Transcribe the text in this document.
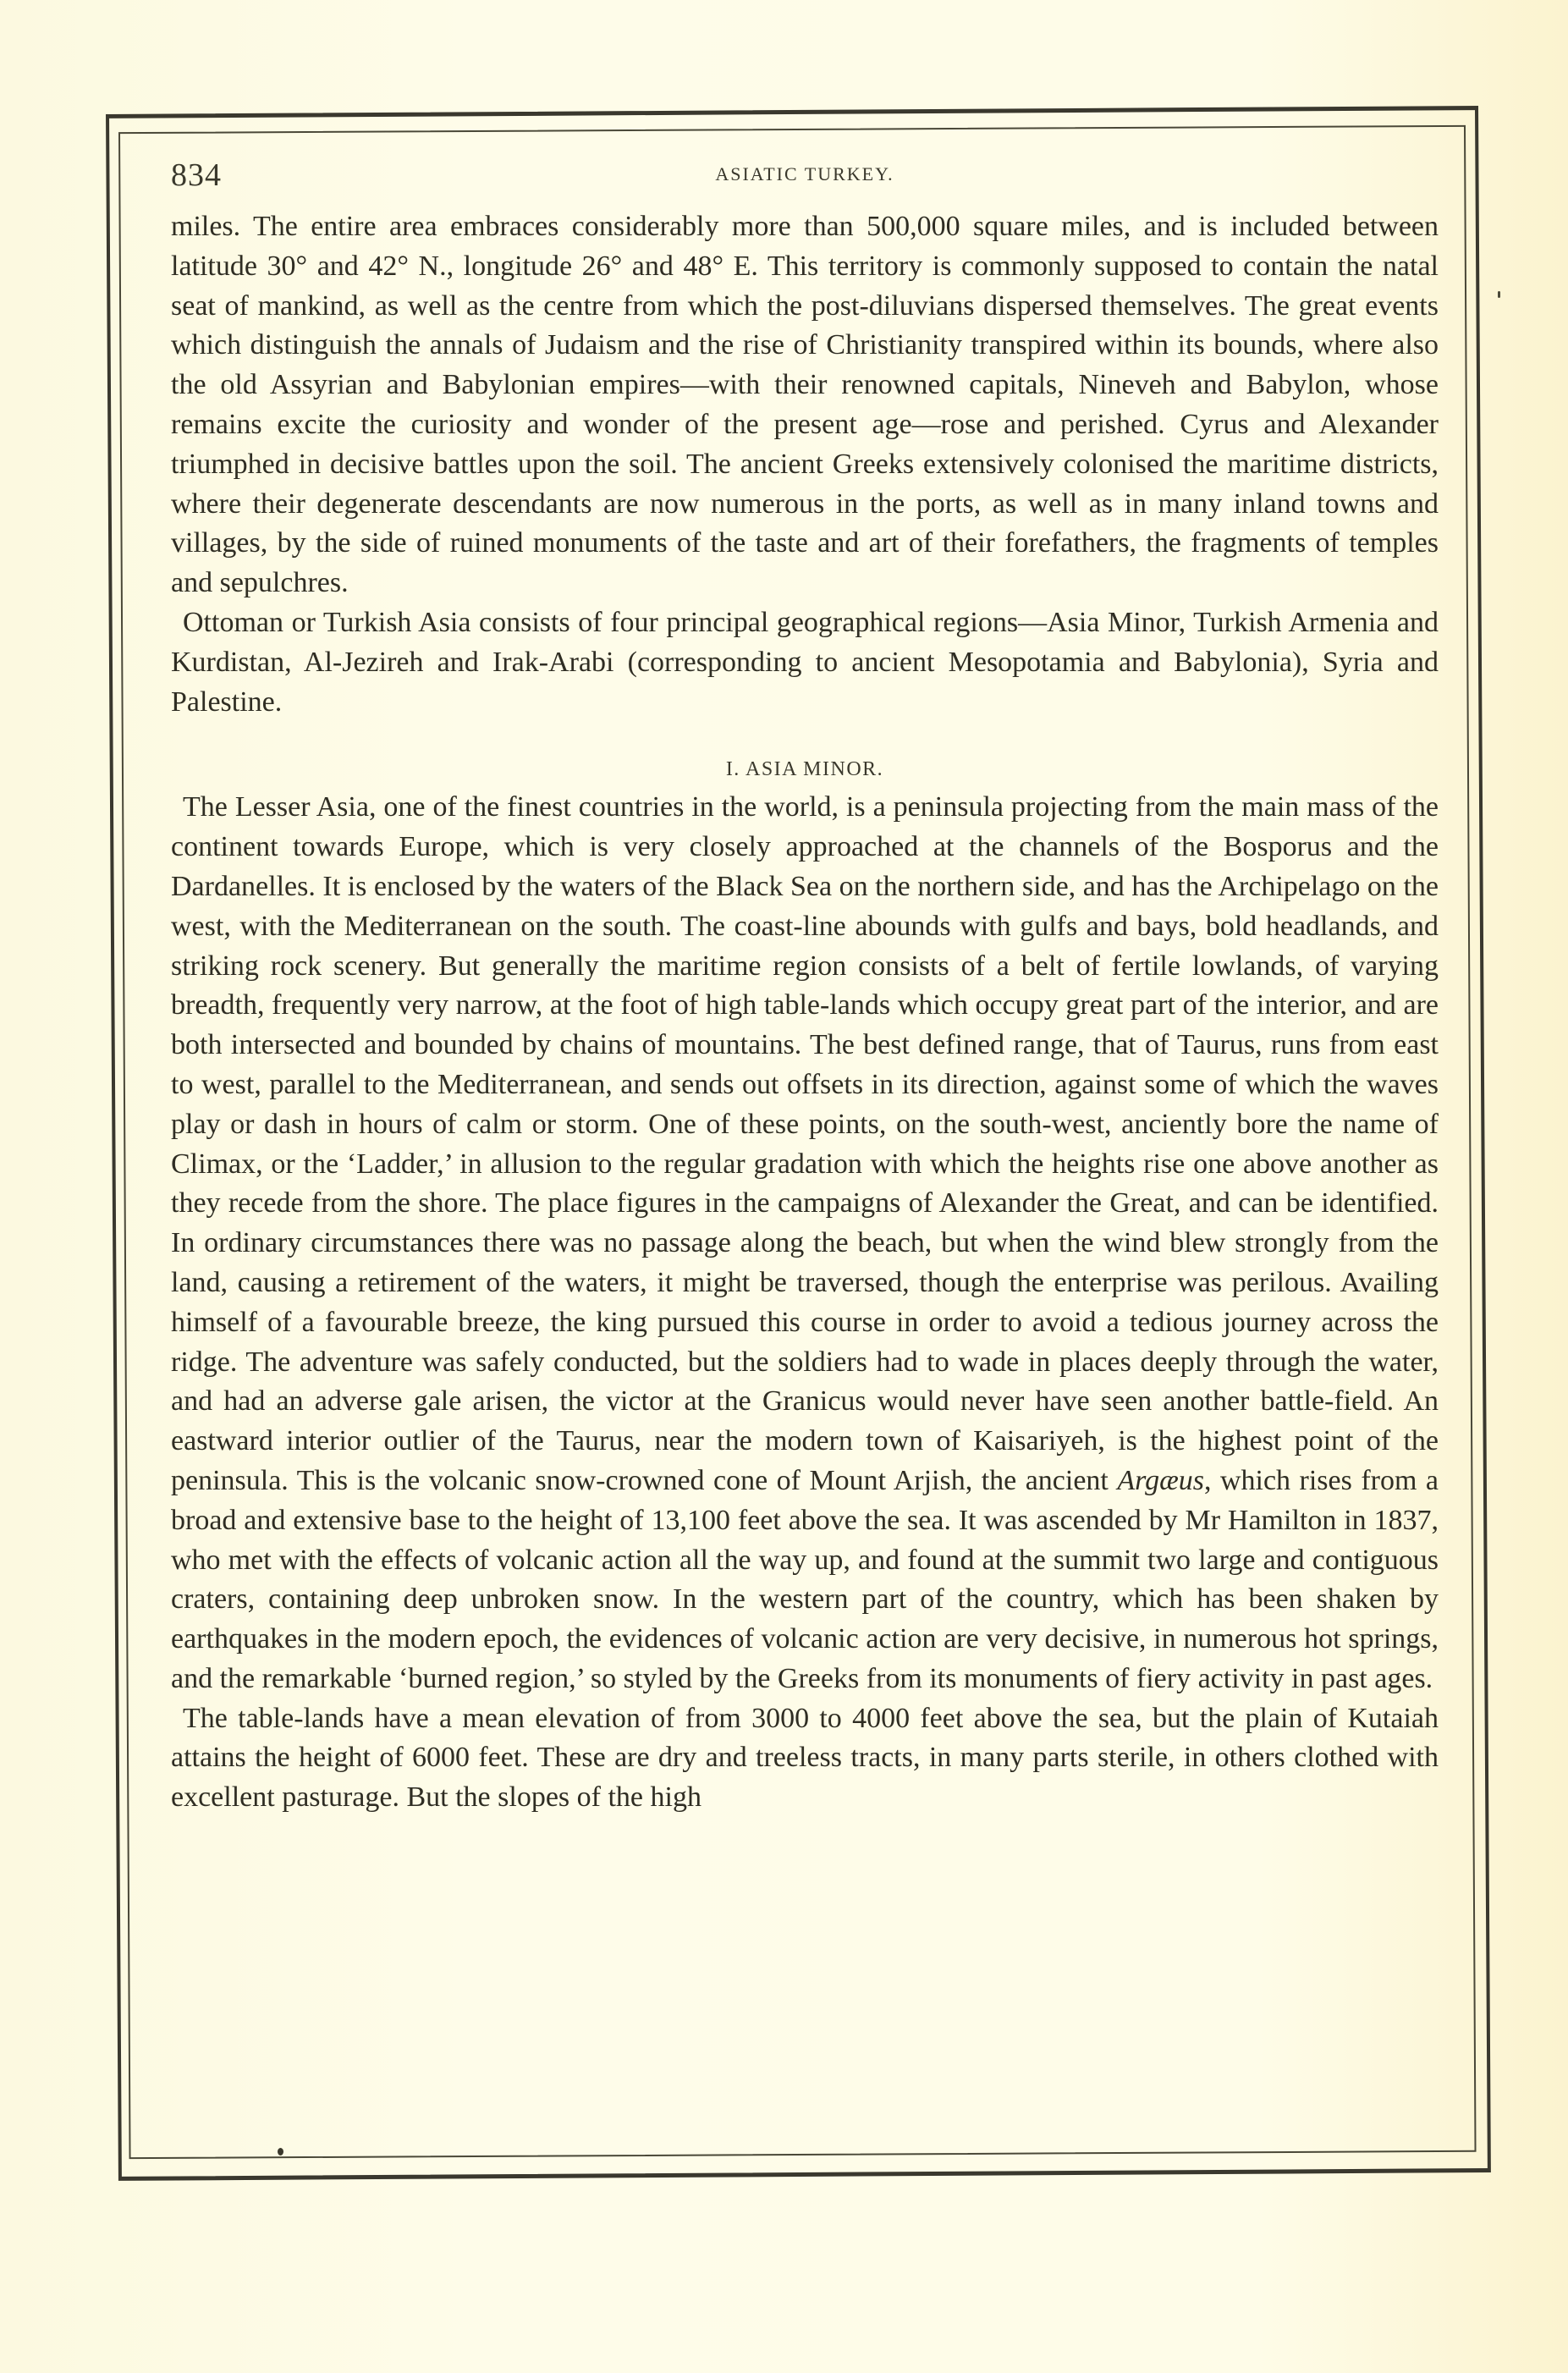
834	ASIATIC TURKEY.

miles. The entire area embraces considerably more than 500,000 square miles, and is included between latitude 30° and 42° N., longitude 26° and 48° E. This territory is commonly supposed to contain the natal seat of mankind, as well as the centre from which the post-diluvians dispersed themselves. The great events which distinguish the annals of Judaism and the rise of Christianity transpired within its bounds, where also the old Assyrian and Babylonian empires—with their renowned capitals, Nineveh and Babylon, whose remains excite the curiosity and wonder of the present age—rose and perished. Cyrus and Alexander triumphed in decisive battles upon the soil. The ancient Greeks extensively colonised the maritime districts, where their degenerate descendants are now numerous in the ports, as well as in many inland towns and villages, by the side of ruined monuments of the taste and art of their forefathers, the fragments of temples and sepulchres.

Ottoman or Turkish Asia consists of four principal geographical regions—Asia Minor, Turkish Armenia and Kurdistan, Al-Jezireh and Irak-Arabi (corresponding to ancient Mesopotamia and Babylonia), Syria and Palestine.

I. ASIA MINOR.

The Lesser Asia, one of the finest countries in the world, is a peninsula projecting from the main mass of the continent towards Europe, which is very closely approached at the channels of the Bosporus and the Dardanelles. It is enclosed by the waters of the Black Sea on the northern side, and has the Archipelago on the west, with the Mediterranean on the south. The coast-line abounds with gulfs and bays, bold headlands, and striking rock scenery. But generally the maritime region consists of a belt of fertile lowlands, of varying breadth, frequently very narrow, at the foot of high table-lands which occupy great part of the interior, and are both intersected and bounded by chains of mountains. The best defined range, that of Taurus, runs from east to west, parallel to the Mediterranean, and sends out offsets in its direction, against some of which the waves play or dash in hours of calm or storm. One of these points, on the south-west, anciently bore the name of Climax, or the ‘Ladder,’ in allusion to the regular gradation with which the heights rise one above another as they recede from the shore. The place figures in the campaigns of Alexander the Great, and can be identified. In ordinary circumstances there was no passage along the beach, but when the wind blew strongly from the land, causing a retirement of the waters, it might be traversed, though the enterprise was perilous. Availing himself of a favourable breeze, the king pursued this course in order to avoid a tedious journey across the ridge. The adventure was safely conducted, but the soldiers had to wade in places deeply through the water, and had an adverse gale arisen, the victor at the Granicus would never have seen another battle-field. An eastward interior outlier of the Taurus, near the modern town of Kaisariyeh, is the highest point of the peninsula. This is the volcanic snow-crowned cone of Mount Arjish, the ancient Argæus, which rises from a broad and extensive base to the height of 13,100 feet above the sea. It was ascended by Mr Hamilton in 1837, who met with the effects of volcanic action all the way up, and found at the summit two large and contiguous craters, containing deep unbroken snow. In the western part of the country, which has been shaken by earthquakes in the modern epoch, the evidences of volcanic action are very decisive, in numerous hot springs, and the remarkable ‘burned region,’ so styled by the Greeks from its monuments of fiery activity in past ages.

The table-lands have a mean elevation of from 3000 to 4000 feet above the sea, but the plain of Kutaiah attains the height of 6000 feet. These are dry and treeless tracts, in many parts sterile, in others clothed with excellent pasturage. But the slopes of the high
